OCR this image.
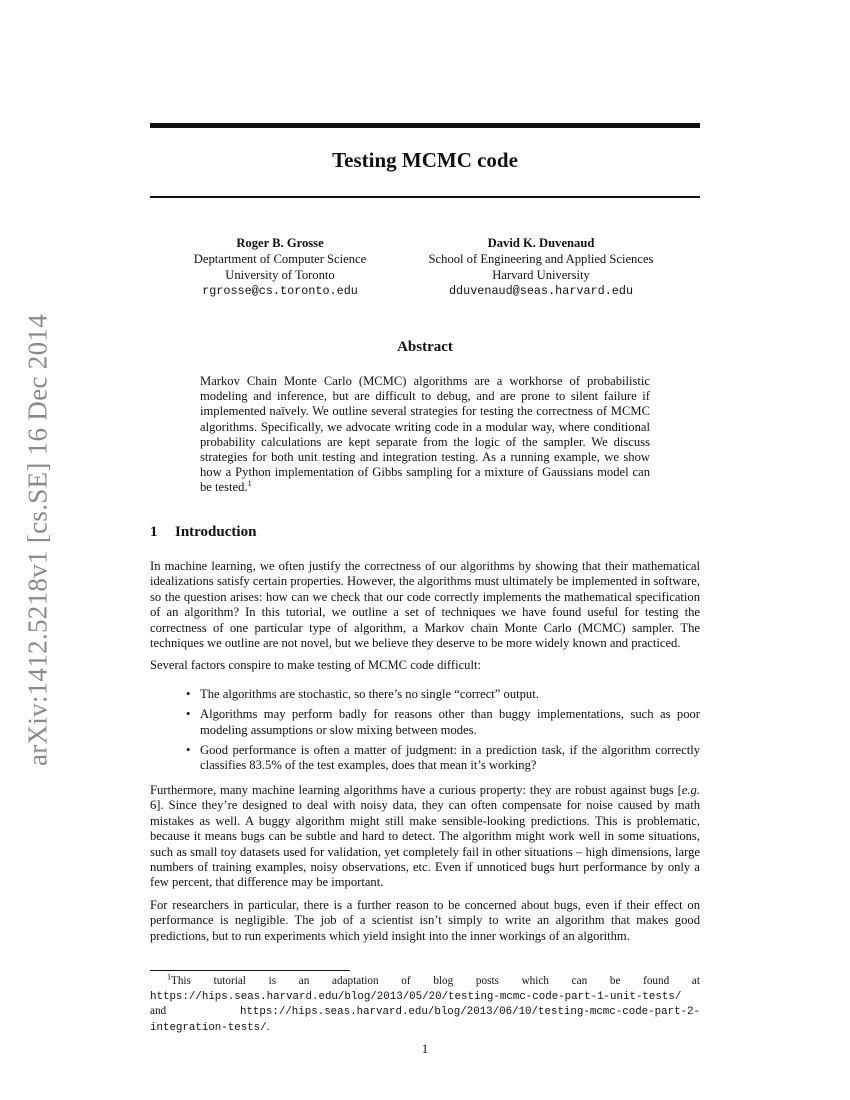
arXiv:1412.5218v1 [cs.SE] 16 Dec 2014
Testing MCMC code
Roger B. Grosse
Deptartment of Computer Science
University of Toronto
rgrosse@cs.toronto.edu
David K. Duvenaud
School of Engineering and Applied Sciences
Harvard University
dduvenaud@seas.harvard.edu
Abstract
Markov Chain Monte Carlo (MCMC) algorithms are a workhorse of probabilistic modeling and inference, but are difficult to debug, and are prone to silent failure if implemented naïvely. We outline several strategies for testing the correctness of MCMC algorithms. Specifically, we advocate writing code in a modular way, where conditional probability calculations are kept separate from the logic of the sampler. We discuss strategies for both unit testing and integration testing. As a running example, we show how a Python implementation of Gibbs sampling for a mixture of Gaussians model can be tested.$^1$
1 Introduction

In machine learning, we often justify the correctness of our algorithms by showing that their mathematical idealizations satisfy certain properties. However, the algorithms must ultimately be implemented in software, so the question arises: how can we check that our code correctly implements the mathematical specification of an algorithm? In this tutorial, we outline a set of techniques we have found useful for testing the correctness of one particular type of algorithm, a Markov chain Monte Carlo (MCMC) sampler. The techniques we outline are not novel, but we believe they deserve to be more widely known and practiced.

Several factors conspire to make testing of MCMC code difficult:

• The algorithms are stochastic, so there’s no single “correct” output.
• Algorithms may perform badly for reasons other than buggy implementations, such as poor modeling assumptions or slow mixing between modes.
• Good performance is often a matter of judgment: in a prediction task, if the algorithm correctly classifies 83.5% of the test examples, does that mean it’s working?

Furthermore, many machine learning algorithms have a curious property: they are robust against bugs [e.g. 6]. Since they’re designed to deal with noisy data, they can often compensate for noise caused by math mistakes as well. A buggy algorithm might still make sensible-looking predictions. This is problematic, because it means bugs can be subtle and hard to detect. The algorithm might work well in some situations, such as small toy datasets used for validation, yet completely fail in other situations – high dimensions, large numbers of training examples, noisy observations, etc. Even if unnoticed bugs hurt performance by only a few percent, that difference may be important.

For researchers in particular, there is a further reason to be concerned about bugs, even if their effect on performance is negligible. The job of a scientist isn’t simply to write an algorithm that makes good predictions, but to run experiments which yield insight into the inner workings of an algorithm.

$^1$This tutorial is an adaptation of blog posts which can be found at https://hips.seas.harvard.edu/blog/2013/05/20/testing-mcmc-code-part-1-unit-tests/ and https://hips.seas.harvard.edu/blog/2013/06/10/testing-mcmc-code-part-2-integration-tests/.
1
